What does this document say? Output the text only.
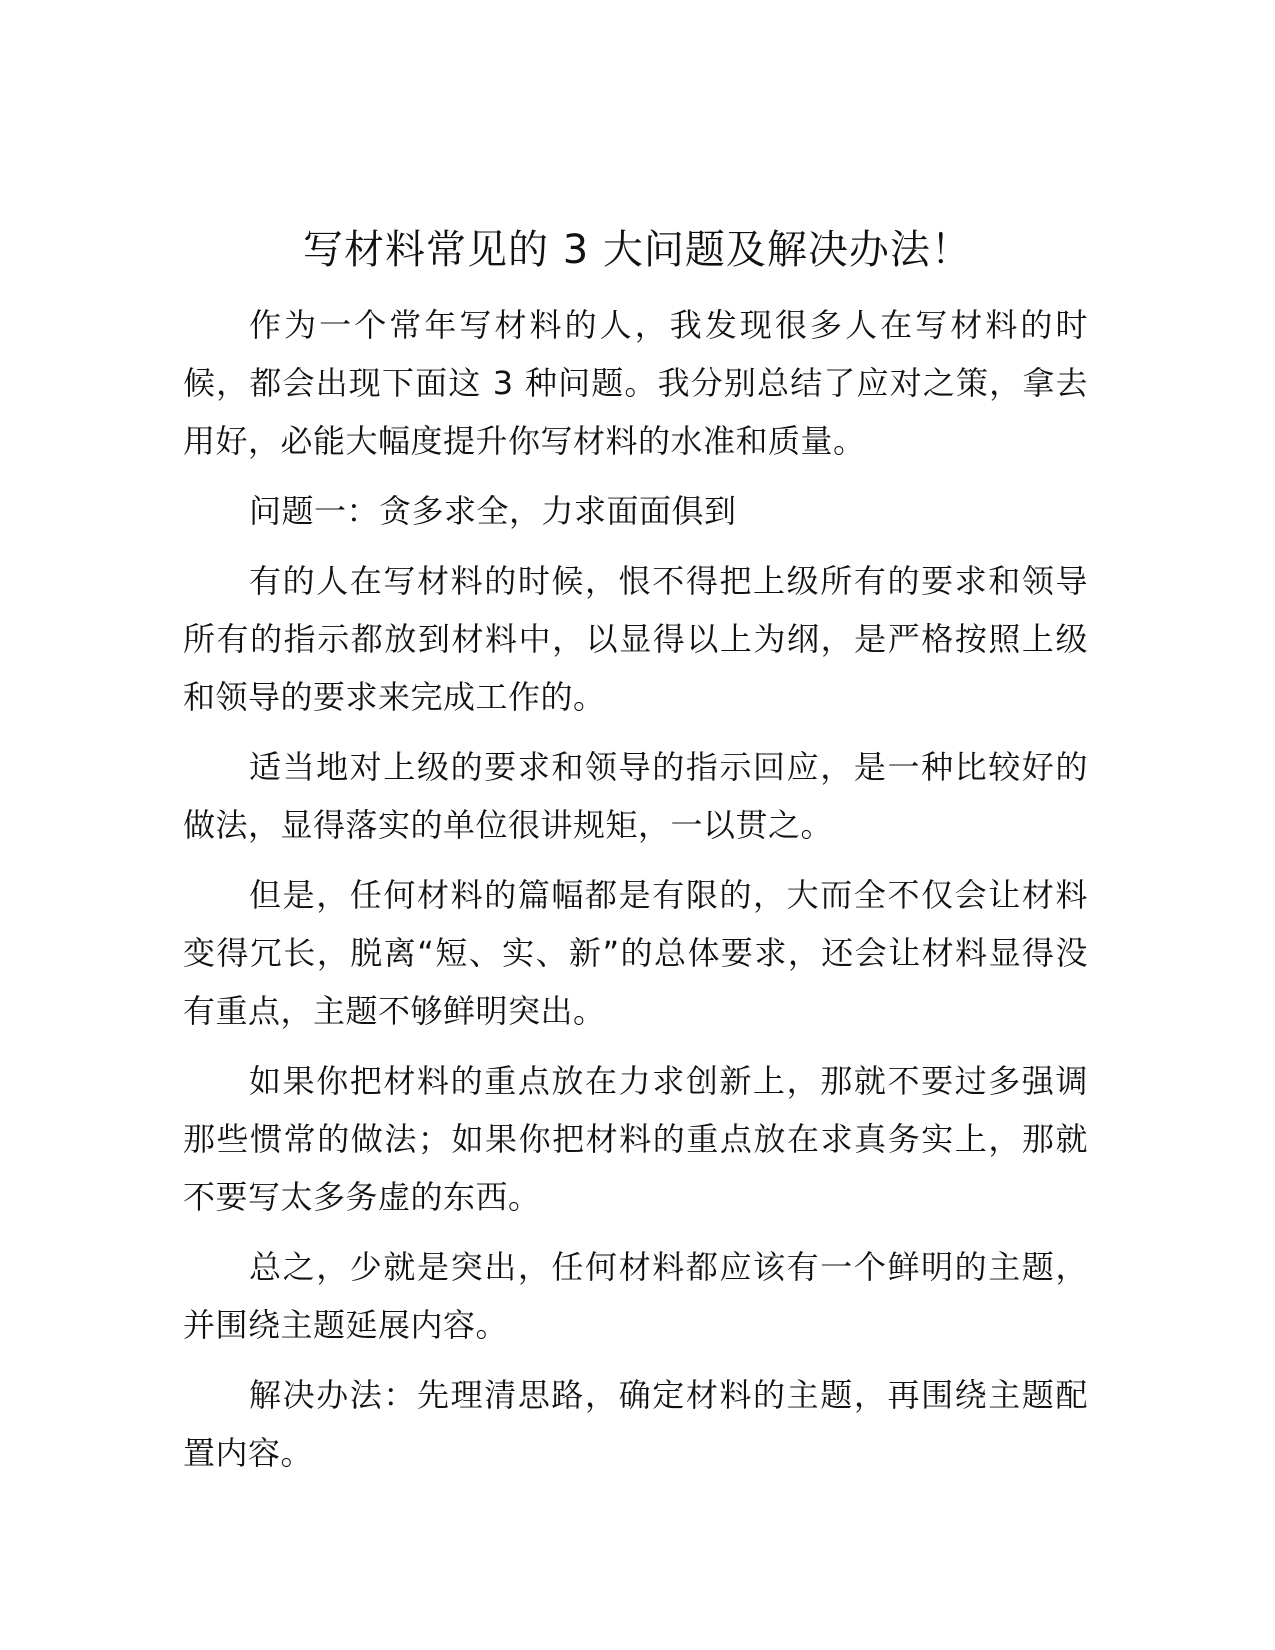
写材料常见的 3 大问题及解决办法！

作为一个常年写材料的人，我发现很多人在写材料的时候，都会出现下面这 3 种问题。我分别总结了应对之策，拿去用好，必能大幅度提升你写材料的水准和质量。

问题一：贪多求全，力求面面俱到

有的人在写材料的时候，恨不得把上级所有的要求和领导所有的指示都放到材料中，以显得以上为纲，是严格按照上级和领导的要求来完成工作的。

适当地对上级的要求和领导的指示回应，是一种比较好的做法，显得落实的单位很讲规矩，一以贯之。

但是，任何材料的篇幅都是有限的，大而全不仅会让材料变得冗长，脱离“短、实、新”的总体要求，还会让材料显得没有重点，主题不够鲜明突出。

如果你把材料的重点放在力求创新上，那就不要过多强调那些惯常的做法；如果你把材料的重点放在求真务实上，那就不要写太多务虚的东西。

总之，少就是突出，任何材料都应该有一个鲜明的主题，并围绕主题延展内容。

解决办法：先理清思路，确定材料的主题，再围绕主题配置内容。
